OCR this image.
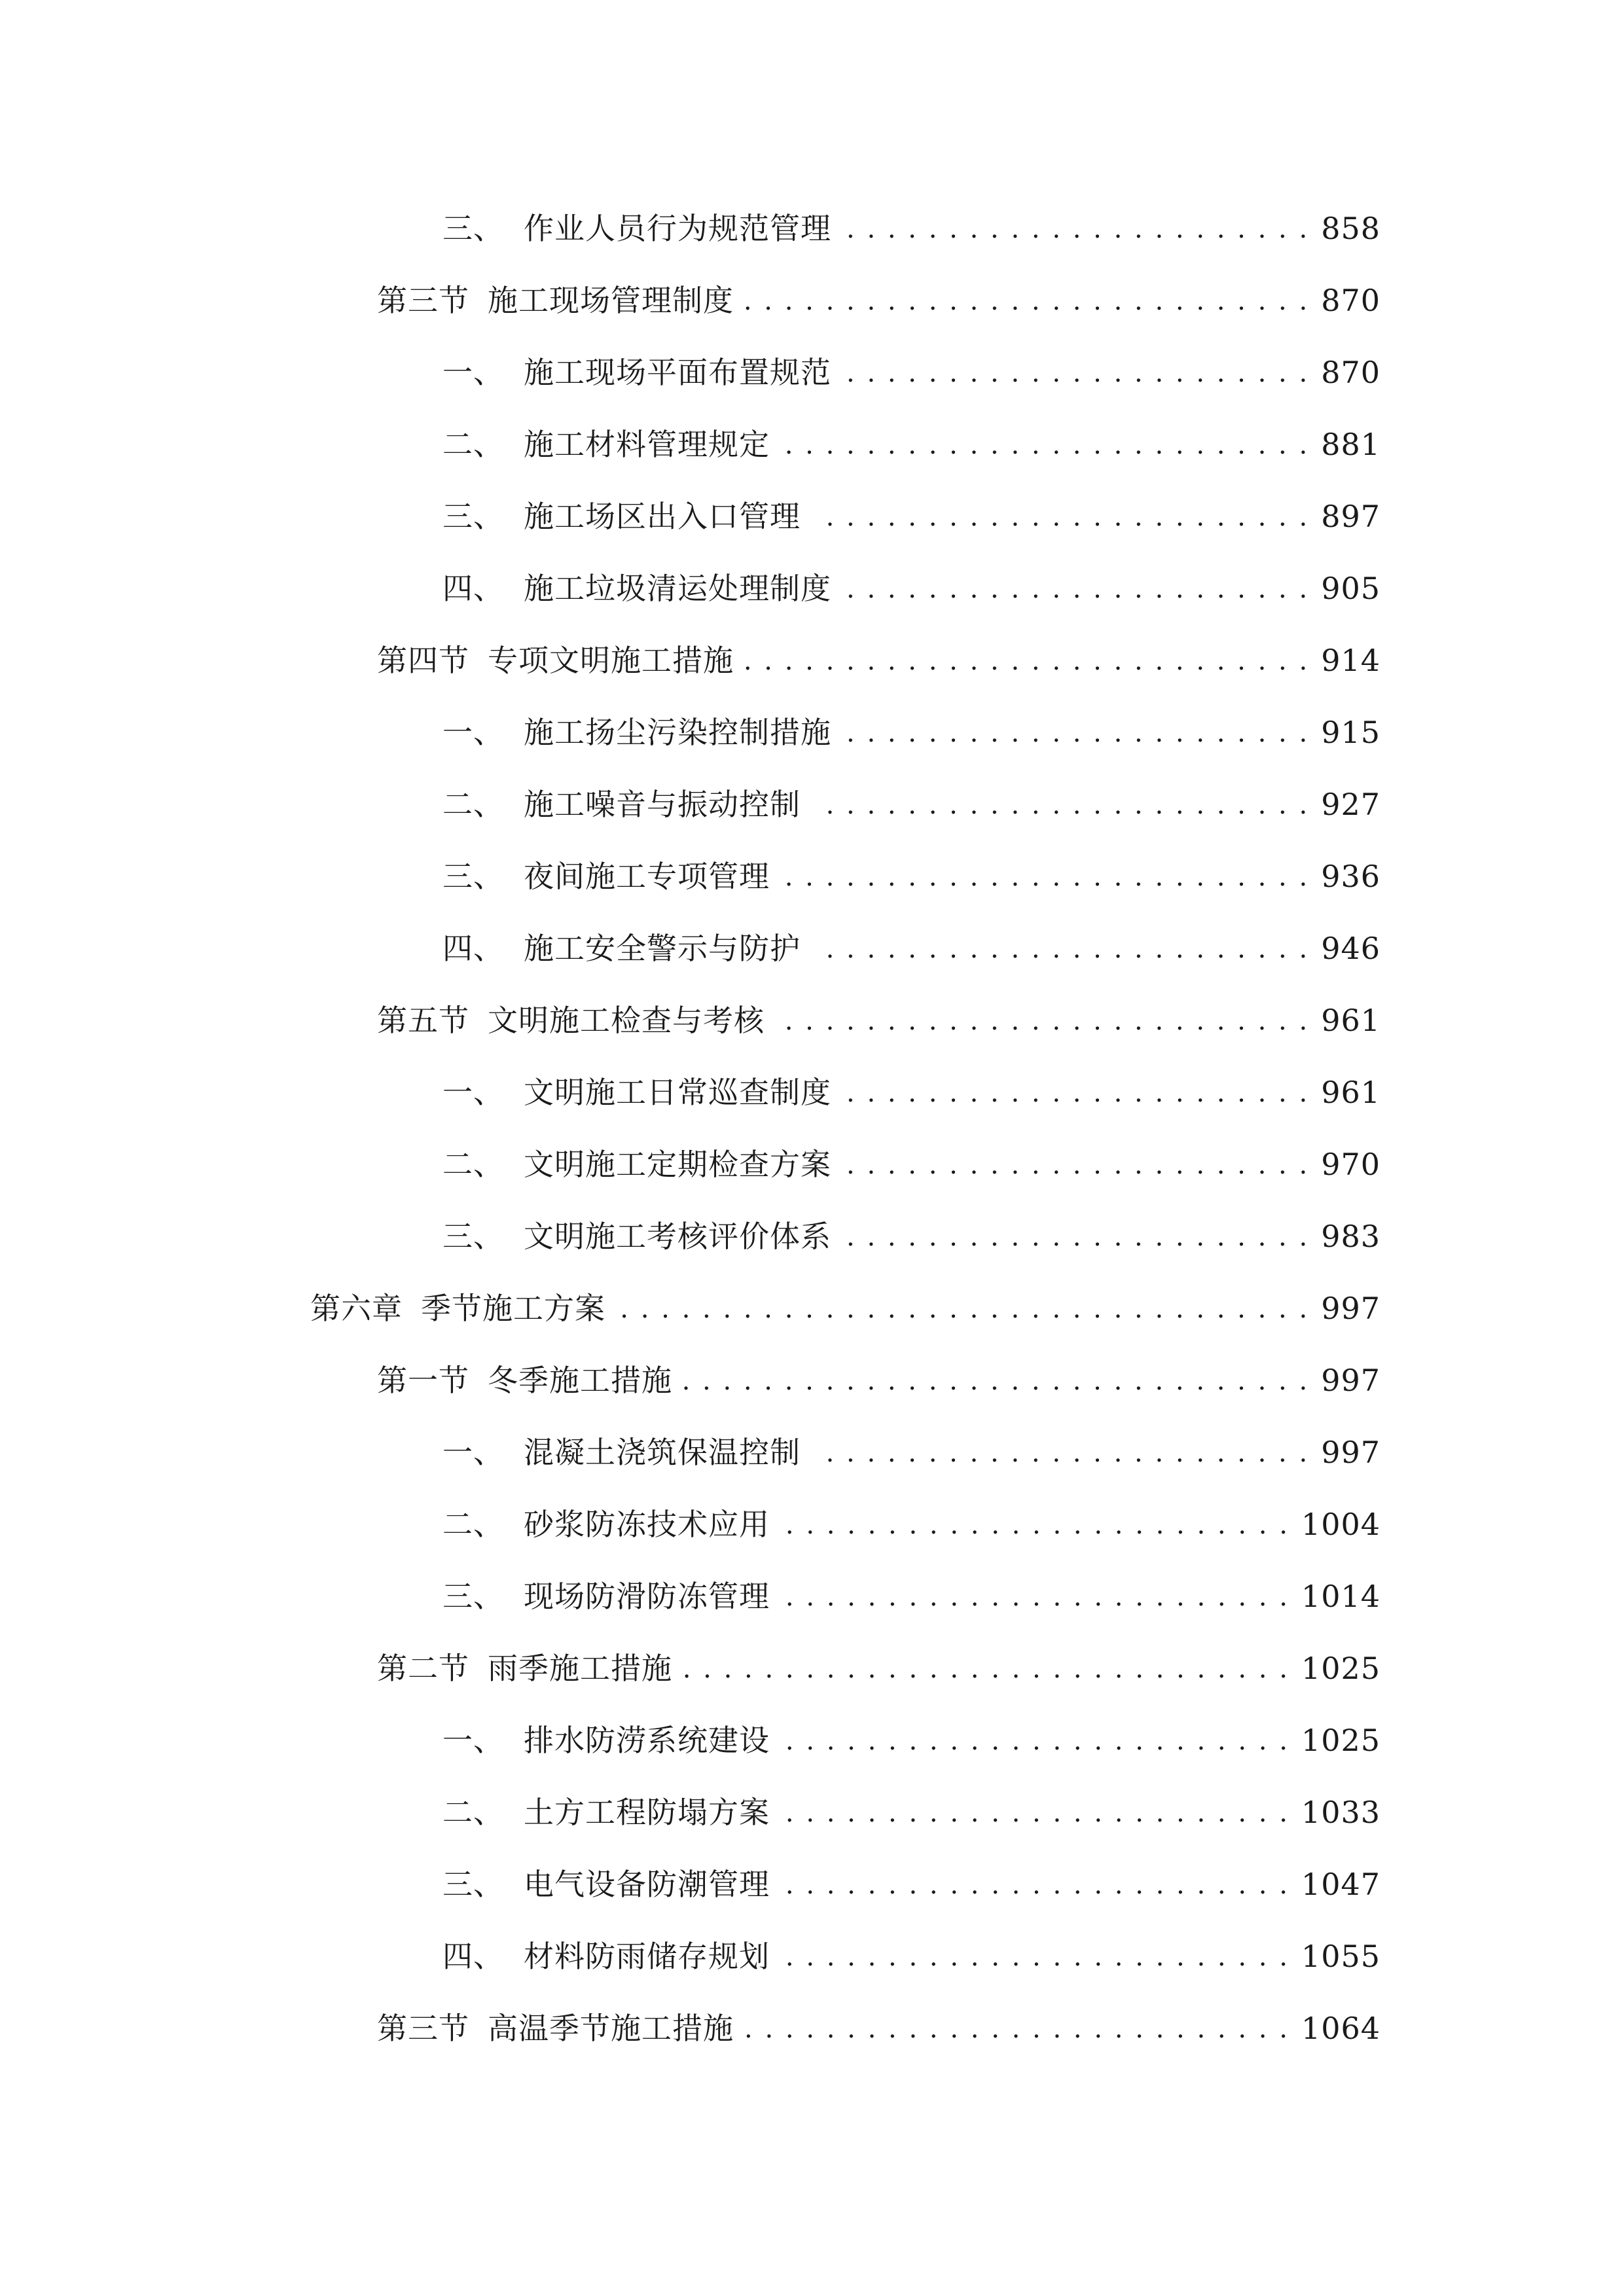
三、 作业人员行为规范管理 . . .	858
第三节 施工现场管理制度 . . .	870
一、 施工现场平面布置规范 . . .	870
二、 施工材料管理规定 . . .	881
三、 施工场区出入口管理 . . .	897
四、 施工垃圾清运处理制度 . . .	905
第四节 专项文明施工措施 . . .	914
一、 施工扬尘污染控制措施 . . .	915
二、 施工噪音与振动控制 . . .	927
三、 夜间施工专项管理 . . .	936
四、 施工安全警示与防护 . . .	946
第五节 文明施工检查与考核 . . .	961
一、 文明施工日常巡查制度 . . .	961
二、 文明施工定期检查方案 . . .	970
三、 文明施工考核评价体系 . . .	983
第六章 季节施工方案 . . .	997
第一节 冬季施工措施 . . .	997
一、 混凝土浇筑保温控制 . . .	997
二、 砂浆防冻技术应用 . . .	1004
三、 现场防滑防冻管理 . . .	1014
第二节 雨季施工措施 . . .	1025
一、 排水防涝系统建设 . . .	1025
二、 土方工程防塌方案 . . .	1033
三、 电气设备防潮管理 . . .	1047
四、 材料防雨储存规划 . . .	1055
第三节 高温季节施工措施 . . .	1064
